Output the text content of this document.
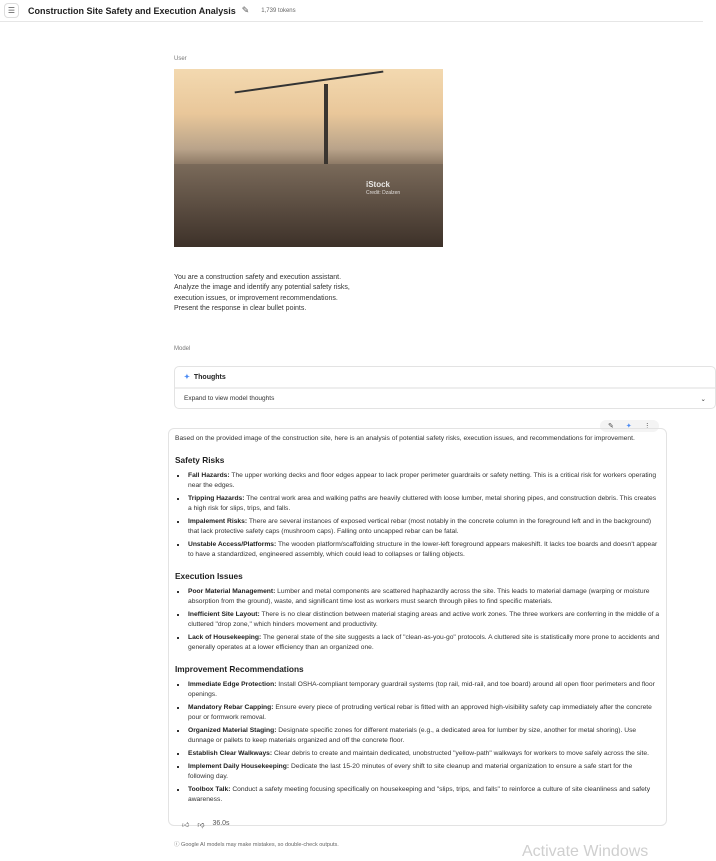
☰	Construction Site Safety and Execution Analysis ✎ 1,739 tokens
User
iStock
Credit: Dzalzen
You are a construction safety and execution assistant.
Analyze the image and identify any potential safety risks,
execution issues, or improvement recommendations.
Present the response in clear bullet points.
Model
✦ Thoughts
Expand to view model thoughts	⌄
✎ ✦ ⋮
Based on the provided image of the construction site, here is an analysis of potential safety risks, execution issues, and recommendations for improvement.
Safety Risks
▪ Fall Hazards: The upper working decks and floor edges appear to lack proper perimeter guardrails or safety netting. This is a critical risk for workers operating near the edges.
▪ Tripping Hazards: The central work area and walking paths are heavily cluttered with loose lumber, metal shoring pipes, and construction debris. This creates a high risk for slips, trips, and falls.
▪ Impalement Risks: There are several instances of exposed vertical rebar (most notably in the concrete column in the foreground left and in the background) that lack protective safety caps (mushroom caps). Falling onto uncapped rebar can be fatal.
▪ Unstable Access/Platforms: The wooden platform/scaffolding structure in the lower-left foreground appears makeshift. It lacks toe boards and doesn't appear to have a standardized, engineered assembly, which could lead to collapses or falling objects.
Execution Issues
▪ Poor Material Management: Lumber and metal components are scattered haphazardly across the site. This leads to material damage (warping or moisture absorption from the ground), waste, and significant time lost as workers must search through piles to find specific materials.
▪ Inefficient Site Layout: There is no clear distinction between material staging areas and active work zones. The three workers are conferring in the middle of a cluttered "drop zone," which hinders movement and productivity.
▪ Lack of Housekeeping: The general state of the site suggests a lack of "clean-as-you-go" protocols. A cluttered site is statistically more prone to accidents and generally operates at a lower efficiency than an organized one.
Improvement Recommendations
▪ Immediate Edge Protection: Install OSHA-compliant temporary guardrail systems (top rail, mid-rail, and toe board) around all open floor perimeters and floor openings.
▪ Mandatory Rebar Capping: Ensure every piece of protruding vertical rebar is fitted with an approved high-visibility safety cap immediately after the concrete pour or formwork removal.
▪ Organized Material Staging: Designate specific zones for different materials (e.g., a dedicated area for lumber by size, another for metal shoring). Use dunnage or pallets to keep materials organized and off the concrete floor.
▪ Establish Clear Walkways: Clear debris to create and maintain dedicated, unobstructed "yellow-path" walkways for workers to move safely across the site.
▪ Implement Daily Housekeeping: Dedicate the last 15-20 minutes of every shift to site cleanup and material organization to ensure a safe start for the following day.
▪ Toolbox Talk: Conduct a safety meeting focusing specifically on housekeeping and "slips, trips, and falls" to reinforce a culture of site cleanliness and safety awareness.
👍︎ 👎︎ 36.0s
ⓘ Google AI models may make mistakes, so double-check outputs.	Activate Windows
